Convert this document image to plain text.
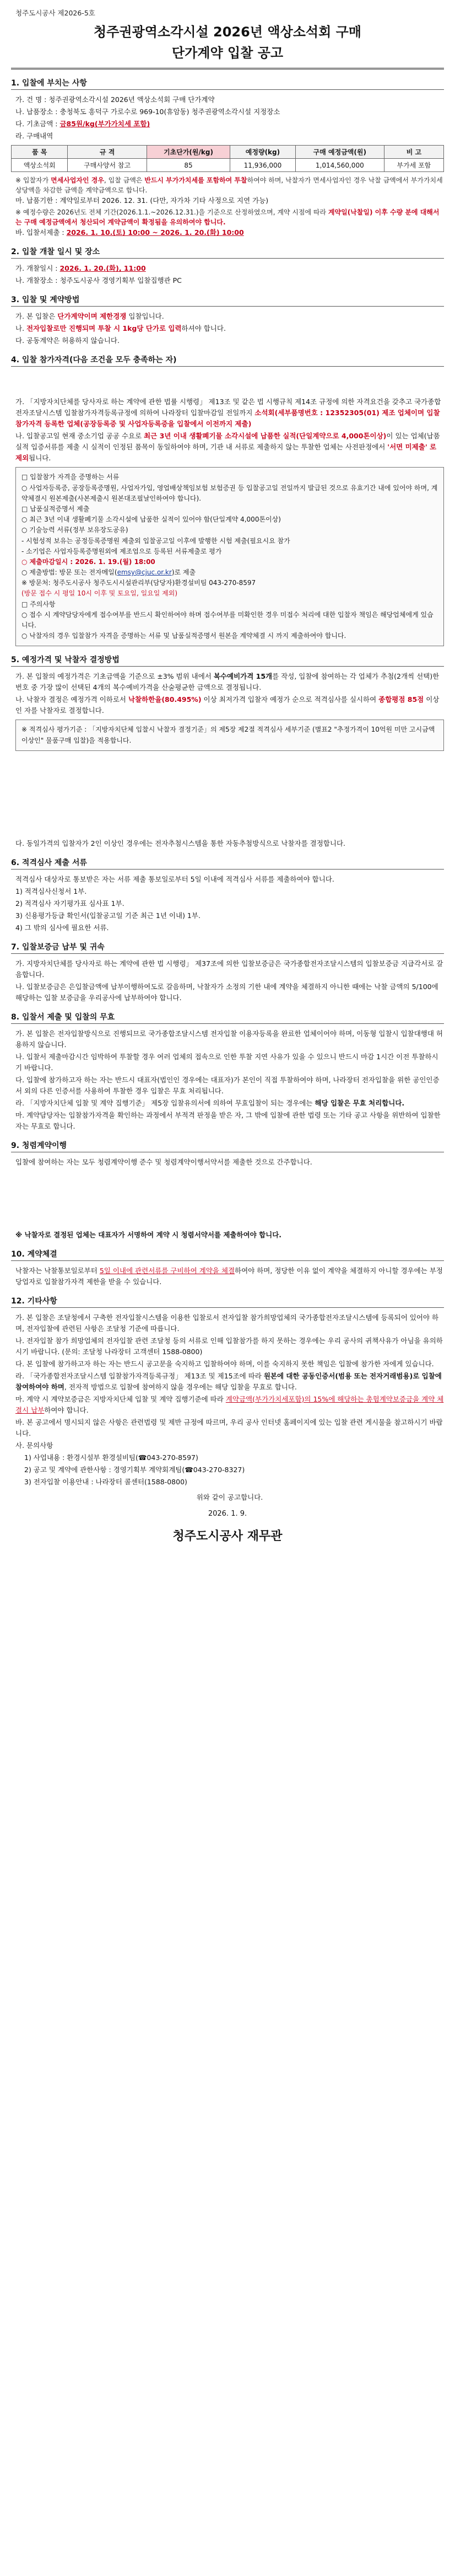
청주도시공사 제2026-5호
청주권광역소각시설 2026년 액상소석회 구매
단가계약 입찰 공고
1. 입찰에 부치는 사항
가. 건 명 : 청주권광역소각시설 2026년 액상소석회 구매 단가계약
나. 납품장소 : 충청북도 흥덕구 가로수로 969-10(휴암동) 청주권광역소각시설 지정장소
다. 기초금액 : 금85원/kg(부가가치세 포함)
라. 구매내역
품 목	규 격	기초단가(원/kg)	예정량(kg)	구매 예정금액(원)	비 고
액상소석회	구매사양서 참고	85	11,936,000	1,014,560,000	부가세 포함
※ 입찰자가 면세사업자인 경우, 입찰 금액은 반드시 부가가치세를 포함하여 투찰하여야 하며, 낙찰자가 면세사업자인 경우 낙찰 금액에서 부가가치세 상당액을 차감한 금액을 계약금액으로 합니다.
마. 납품기한 : 계약일로부터 2026. 12. 31. (다만, 자가차 기타 사정으로 지연 가능)
※ 예정수량은 2026년도 전체 기간(2026.1.1.~2026.12.31.)을 기준으로 산정하였으며, 계약 시점에 따라 계약일(낙찰일) 이후 수량 분에 대해서는 구매 예정금액에서 청산되어 계약금액이 확정됨을 유의하여야 합니다.
바. 입찰서제출 : 2026. 1. 10.(토) 10:00 ~ 2026. 1. 20.(화) 10:00
2. 입찰 개찰 일시 및 장소
가. 개찰일시 : 2026. 1. 20.(화), 11:00
나. 개찰장소 : 청주도시공사 경영기획부 입찰집행관 PC
3. 입찰 및 계약방법
가. 본 입찰은 단가계약이며 제한경쟁 입찰입니다.
나. 전자입찰로만 진행되며 투찰 시 1kg당 단가로 입력하셔야 합니다.
다. 공동계약은 허용하지 않습니다.
4. 입찰 참가자격(다음 조건을 모두 충족하는 자)
가. 「지방자치단체를 당사자로 하는 계약에 관한 법률 시행령」 제13조 및 같은 법 시행규칙 제14조 규정에 의한 자격요건을 갖추고 국가종합전자조달시스템 입찰참가자격등록규정에 의하여 나라장터 입찰마감일 전일까지 소석회(세부품명번호 : 12352305(01) 제조 업체이며 입찰참가자격 등록한 업체(공장등록증 및 사업자등록증을 입찰에서 이전까지 제출)
나. 입찰공고일 현재 중소기업 공공 수요로 최근 3년 이내 생활폐기물 소각시설에 납품한 실적(단일계약으로 4,000톤이상)이 있는 업체(납품실적 입증서류를 제출 시 실적이 인정된 품목이 동일하여야 하며, 기관 내 서류로 제출하지 않는 투찰한 업체는 사전판정에서 '서면 미제출' 로 제외됩니다.
□ 입찰참가 자격을 증명하는 서류
○ 사업자등록증, 공장등록증명원, 사업자가입, 영업배상책임보험 보험증권 등 입찰공고일 전일까지 발급된 것으로 유효기간 내에 있어야 하며, 계약체결시 원본제출(사본제출시 원본대조필날인하여야 합니다).
□ 납품실적증명서 제출
○ 최근 3년 이내 생활폐기물 소각시설에 납품한 실적이 있어야 함(단일계약 4,000톤이상)
○ 기술능력 서류(정부 보유장도공유)
- 시험성적 보유는 공정등록증명원 제출외 입찰공고일 이후에 발행한 시험 제출(필요시요 참가
- 소기업은 사업자등록증명원외에 제조업으로 등록된 서류제출로 평가
○ 제출마감일시 : 2026. 1. 19.(월) 18:00
○ 제출방법: 방문 또는 전자메일(emsy@cjuc.or.kr)로 제출
※ 방문처: 청주도시공사 청주도시시설관리부(담당자)환경설비팀 043-270-8597
(방문 접수 시 평일 10시 이후 및 토요일, 일요일 제외)
□ 주의사항
○ 접수 시 계약담당자에게 접수여부를 반드시 확인하여야 하며 접수여부를 미확인한 경우 미접수 처리에 대한 입찰자 책임은 해당업체에게 있습니다.
○ 낙찰자의 경우 입찰참가 자격을 증명하는 서류 및 납품실적증명서 원본을 계약체결 시 까지 제출하여야 합니다.
5. 예정가격 및 낙찰자 결정방법
가. 본 입찰의 예정가격은 기초금액을 기준으로 ±3% 범위 내에서 복수예비가격 15개를 작성, 입찰에 참여하는 각 업체가 추첨(2개씩 선택)한 번호 중 가장 많이 선택된 4개의 복수예비가격을 산술평균한 금액으로 결정됩니다.
나. 낙찰자 결정은 예정가격 이하로서 낙찰하한율(80.495%) 이상 최저가격 입찰자 예정가 순으로 적격심사를 실시하여 종합평점 85점 이상인 자를 낙찰자로 결정합니다.
※ 적격심사 평가기준 : 「지방자치단체 입찰시 낙찰자 결정기준」의 제5장 제2절 적격심사 세부기준 (별표2 "추정가격이 10억원 미만 고시금액 이상인" 물품구매 입찰)을 적용합니다.
다. 동일가격의 입찰자가 2인 이상인 경우에는 전자추첨시스템을 통한 자동추첨방식으로 낙찰자를 결정합니다.
6. 적격심사 제출 서류
적격심사 대상자로 통보받은 자는 서류 제출 통보일로부터 5일 이내에 적격심사 서류를 제출하여야 합니다.
1) 적격심사신청서 1부.
2) 적격심사 자기평가표 심사표 1부.
3) 신용평가등급 확인서(입찰공고일 기준 최근 1년 이내) 1부.
4) 그 밖의 심사에 필요한 서류.
7. 입찰보증금 납부 및 귀속
가. 지방자치단체를 당사자로 하는 계약에 관한 법 시행령」 제37조에 의한 입찰보증금은 국가종합전자조달시스템의 입찰보증금 지급각서로 갈음합니다.
나. 입찰보증금은 은입찰금액에 납부이행하여도로 갈음하며, 낙찰자가 소정의 기한 내에 계약을 체결하지 아니한 때에는 낙찰 금액의 5/100에 해당하는 입찰 보증금을 우리공사에 납부하여야 합니다.
8. 입찰서 제출 및 입찰의 무효
가. 본 입찰은 전자입찰방식으로 진행되므로 국가종합조달시스템 전자입찰 이용자등록을 완료한 업체이어야 하며, 이동형 입찰시 입찰대행대 허용하지 않습니다.
나. 입찰서 제출마감시간 임박하여 투찰할 경우 여러 업체의 접속으로 인한 투찰 지연 사유가 있을 수 있으니 반드시 마감 1시간 이전 투찰하시기 바랍니다.
다. 입찰에 참가하고자 하는 자는 반드시 대표자(법인인 경우에는 대표자)가 본인이 직접 투찰하여야 하며, 나라장터 전자입찰을 위한 공인인증서 외의 다른 인증서를 사용하여 투찰한 경우 입찰은 무효 처리됩니다.
라. 「지방자치단체 입찰 및 계약 집행기준」 제5장 입찰유의서에 의하여 무효입찰이 되는 경우에는 해당 입찰은 무효 처리합니다.
마. 계약담당자는 입찰참가자격을 확인하는 과정에서 부적격 판정을 받은 자, 그 밖에 입찰에 관한 법령 또는 기타 공고 사항을 위반하여 입찰한 자는 무효로 합니다.
9. 청렴계약이행
입찰에 참여하는 자는 모두 청렴계약이행 준수 및 청렴계약이행서약서를 제출한 것으로 간주합니다.
※ 낙찰자로 결정된 업체는 대표자가 서명하여 계약 시 청렴서약서를 제출하여야 합니다.
10. 계약체결
낙찰자는 낙찰통보일로부터 5일 이내에 관련서류를 구비하여 계약을 체결하여야 하며, 정당한 이유 없이 계약을 체결하지 아니할 경우에는 부정당업자로 입찰참가자격 제한을 받을 수 있습니다.
12. 기타사항
가. 본 입찰은 조달청에서 구축한 전자입찰시스템을 이용한 입찰로서 전자입찰 참가희망업체의 국가종합전자조달시스템에 등록되어 있어야 하며, 전자입찰에 관련된 사항은 조달청 기준에 따릅니다.
나. 전자입찰 참가 희망업체의 전자입찰 관련 조달청 등의 서류로 인해 입찰참가를 하지 못하는 경우에는 우리 공사의 귀책사유가 아님을 유의하시기 바랍니다. (문의: 조달청 나라장터 고객센터 1588-0800)
다. 본 입찰에 참가하고자 하는 자는 반드시 공고문을 숙지하고 입찰하여야 하며, 이를 숙지하지 못한 책임은 입찰에 참가한 자에게 있습니다.
라. 「국가종합전자조달시스템 입찰참가자격등록규정」 제13조 및 제15조에 따라 원본에 대한 공동인증서(범용 또는 전자거래범용)로 입찰에 참여하여야 하며, 전자적 방법으로 입찰에 참여하지 않을 경우에는 해당 입찰을 무효로 합니다.
마. 계약 시 계약보증금은 지방자치단체 입찰 및 계약 집행기준에 따라 계약금액(부가가치세포함)의 15%에 해당하는 총험계약보증금을 계약 체결시 납부하여야 합니다.
바. 본 공고에서 명시되지 않은 사항은 관련법령 및 제반 규정에 따르며, 우리 공사 인터넷 홈페이지에 있는 입찰 관련 게시물을 참고하시기 바랍니다.
사. 문의사항
1) 사업내용 : 환경시설부 환경설비팀(☎043-270-8597)
2) 공고 및 계약에 관한사항 : 경영기획부 계약회계팀(☎043-270-8327)
3) 전자입찰 이용안내 : 나라장터 콜센터(1588-0800)
위와 같이 공고합니다.
2026. 1. 9.
청주도시공사 재무관
